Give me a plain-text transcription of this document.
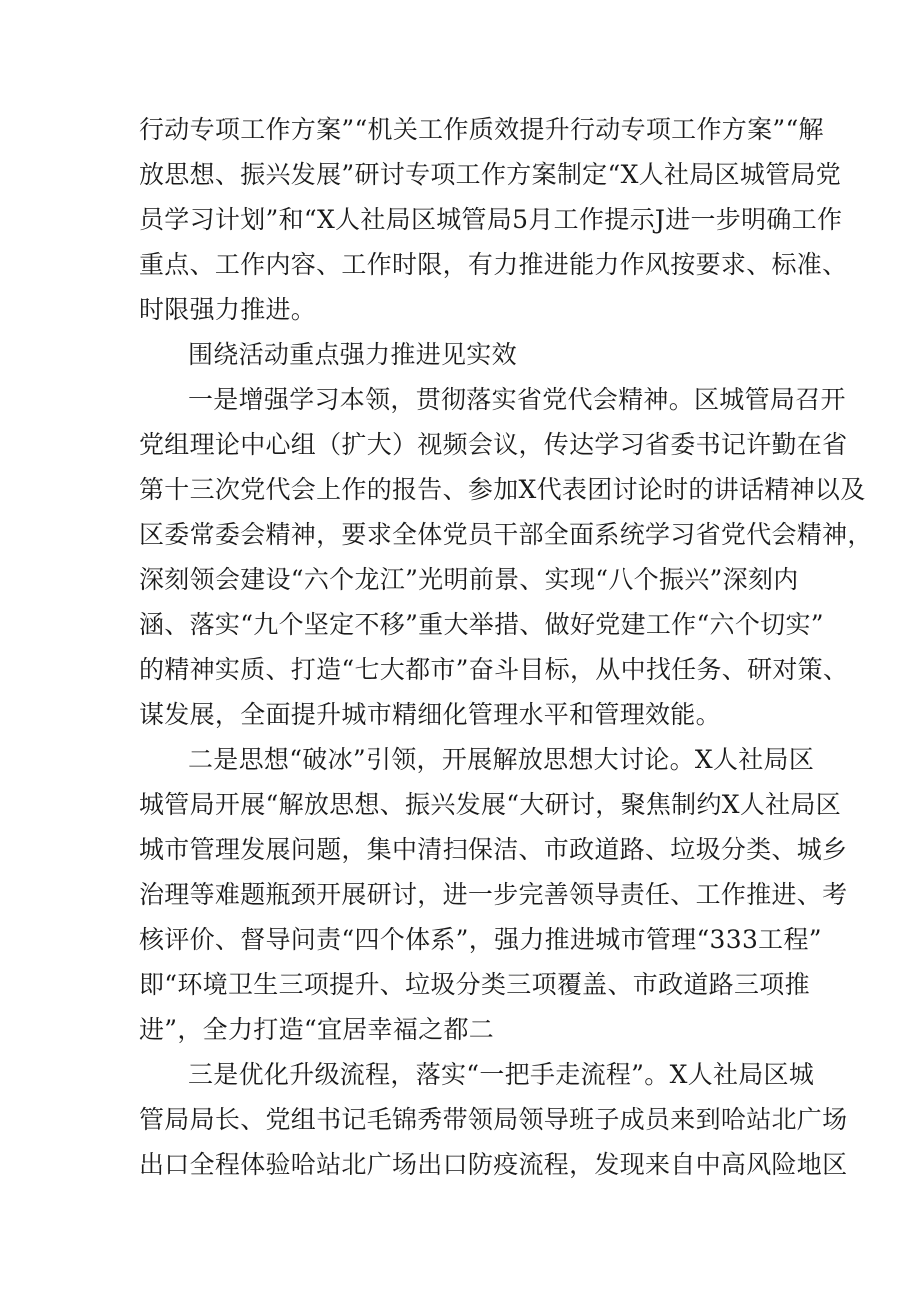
行动专项工作方案”“机关工作质效提升行动专项工作方案”“解
放思想、振兴发展”研讨专项工作方案制定“X人社局区城管局党
员学习计划”和“X人社局区城管局5月工作提示J进一步明确工作
重点、工作内容、工作时限，有力推进能力作风按要求、标准、
时限强力推进。
围绕活动重点强力推进见实效
一是增强学习本领，贯彻落实省党代会精神。区城管局召开
党组理论中心组（扩大）视频会议，传达学习省委书记许勤在省
第十三次党代会上作的报告、参加X代表团讨论时的讲话精神以及
区委常委会精神，要求全体党员干部全面系统学习省党代会精神，
深刻领会建设“六个龙江”光明前景、实现“八个振兴”深刻内
涵、落实“九个坚定不移”重大举措、做好党建工作“六个切实”
的精神实质、打造“七大都市”奋斗目标，从中找任务、研对策、
谋发展，全面提升城市精细化管理水平和管理效能。
二是思想“破冰”引领，开展解放思想大讨论。X人社局区
城管局开展“解放思想、振兴发展“大研讨，聚焦制约X人社局区
城市管理发展问题，集中清扫保洁、市政道路、垃圾分类、城乡
治理等难题瓶颈开展研讨，进一步完善领导责任、工作推进、考
核评价、督导问责“四个体系”，强力推进城市管理“333工程”
即“环境卫生三项提升、垃圾分类三项覆盖、市政道路三项推
进”，全力打造“宜居幸福之都二
三是优化升级流程，落实“一把手走流程”。X人社局区城
管局局长、党组书记毛锦秀带领局领导班子成员来到哈站北广场
出口全程体验哈站北广场出口防疫流程，发现来自中高风险地区
